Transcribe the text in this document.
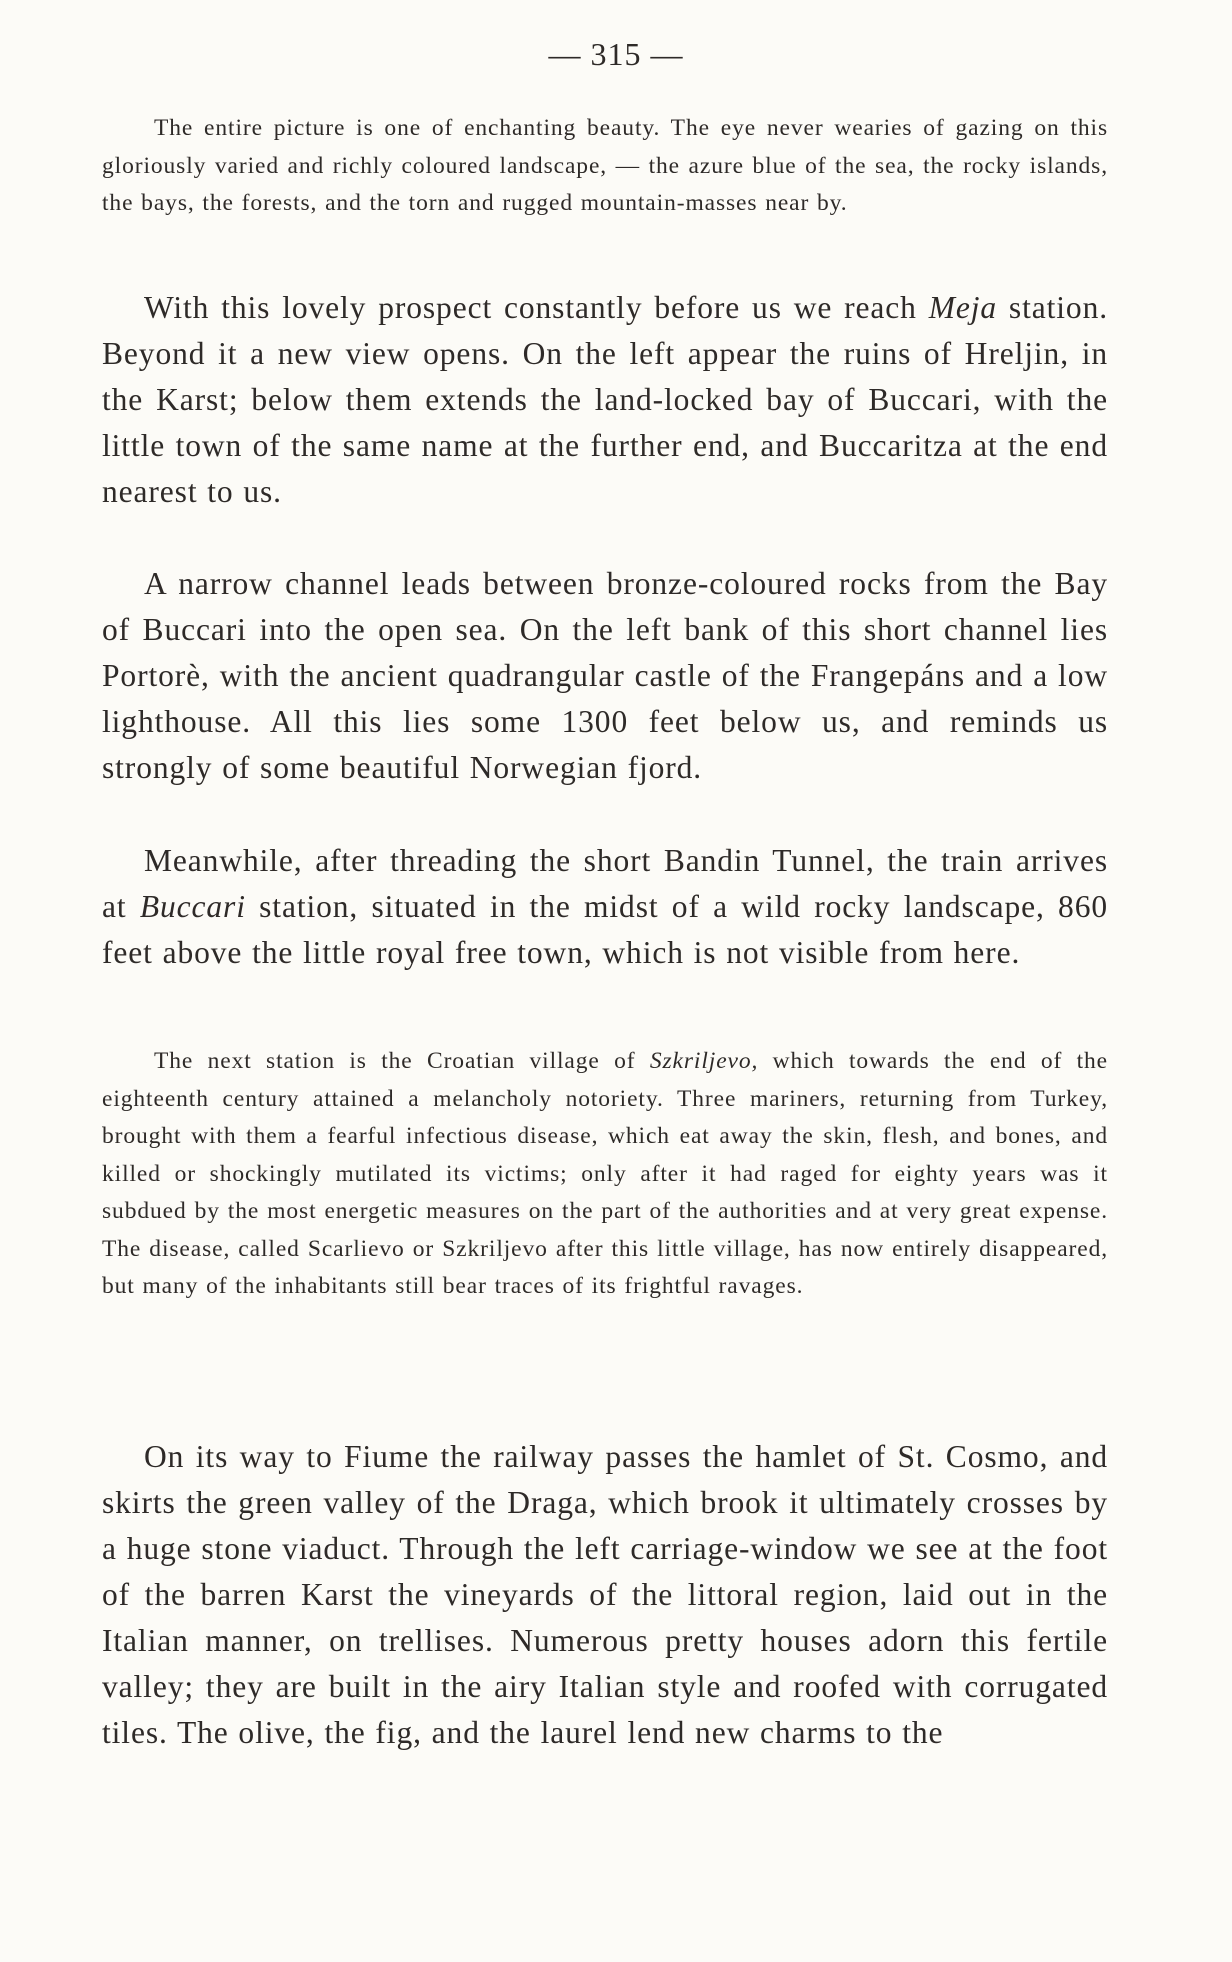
— 315 —

The entire picture is one of enchanting beauty. The eye never wearies of gazing on this gloriously varied and richly coloured landscape, — the azure blue of the sea, the rocky islands, the bays, the forests, and the torn and rugged mountain-masses near by.

With this lovely prospect constantly before us we reach Meja station. Beyond it a new view opens. On the left appear the ruins of Hreljin, in the Karst; below them extends the land-locked bay of Buccari, with the little town of the same name at the further end, and Buccaritza at the end nearest to us.

A narrow channel leads between bronze-coloured rocks from the Bay of Buccari into the open sea. On the left bank of this short channel lies Portorè, with the ancient quadrangular castle of the Frangepáns and a low lighthouse. All this lies some 1300 feet below us, and reminds us strongly of some beautiful Norwegian fjord.

Meanwhile, after threading the short Bandin Tunnel, the train arrives at Buccari station, situated in the midst of a wild rocky landscape, 860 feet above the little royal free town, which is not visible from here.

The next station is the Croatian village of Szkriljevo, which towards the end of the eighteenth century attained a melancholy notoriety. Three mariners, returning from Turkey, brought with them a fearful infectious disease, which eat away the skin, flesh, and bones, and killed or shockingly mutilated its victims; only after it had raged for eighty years was it subdued by the most energetic measures on the part of the authorities and at very great expense. The disease, called Scarlievo or Szkriljevo after this little village, has now entirely disappeared, but many of the inhabitants still bear traces of its frightful ravages.

On its way to Fiume the railway passes the hamlet of St. Cosmo, and skirts the green valley of the Draga, which brook it ultimately crosses by a huge stone viaduct. Through the left carriage-window we see at the foot of the barren Karst the vineyards of the littoral region, laid out in the Italian manner, on trellises. Numerous pretty houses adorn this fertile valley; they are built in the airy Italian style and roofed with corrugated tiles. The olive, the fig, and the laurel lend new charms to the
